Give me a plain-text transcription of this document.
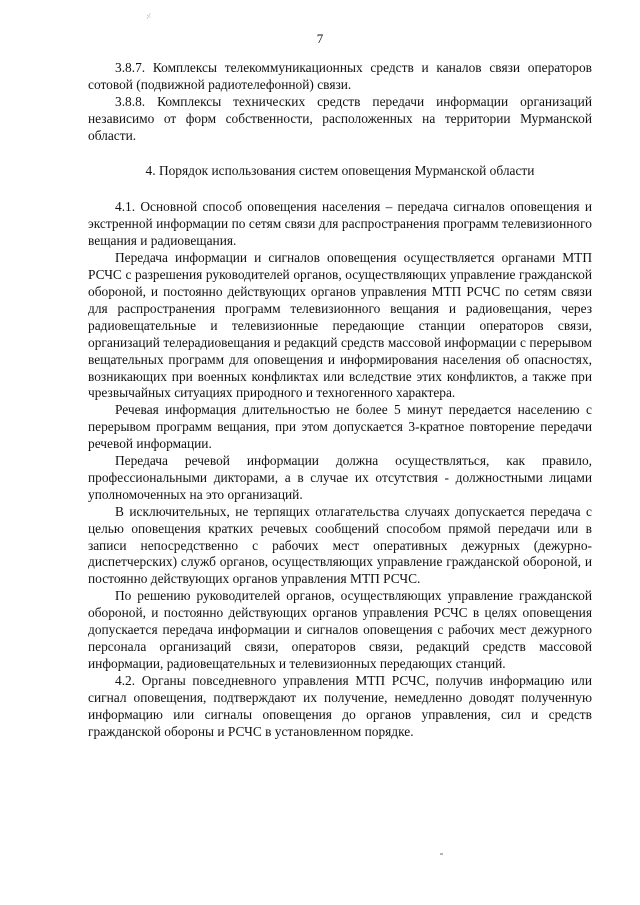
⸓
7

3.8.7. Комплексы телекоммуникационных средств и каналов связи операторов сотовой (подвижной радиотелефонной) связи.

3.8.8. Комплексы технических средств передачи информации организаций независимо от форм собственности, расположенных на территории Мурманской области.

4. Порядок использования систем оповещения Мурманской области

4.1. Основной способ оповещения населения – передача сигналов оповещения и экстренной информации по сетям связи для распространения программ телевизионного вещания и радиовещания.

Передача информации и сигналов оповещения осуществляется органами МТП РСЧС с разрешения руководителей органов, осуществляющих управление гражданской обороной, и постоянно действующих органов управления МТП РСЧС по сетям связи для распространения программ телевизионного вещания и радиовещания, через радиовещательные и телевизионные передающие станции операторов связи, организаций телерадиовещания и редакций средств массовой информации с перерывом вещательных программ для оповещения и информирования населения об опасностях, возникающих при военных конфликтах или вследствие этих конфликтов, а также при чрезвычайных ситуациях природного и техногенного характера.

Речевая информация длительностью не более 5 минут передается населению с перерывом программ вещания, при этом допускается 3-кратное повторение передачи речевой информации.

Передача речевой информации должна осуществляться, как правило, профессиональными дикторами, а в случае их отсутствия - должностными лицами уполномоченных на это организаций.

В исключительных, не терпящих отлагательства случаях допускается передача с целью оповещения кратких речевых сообщений способом прямой передачи или в записи непосредственно с рабочих мест оперативных дежурных (дежурно-диспетчерских) служб органов, осуществляющих управление гражданской обороной, и постоянно действующих органов управления МТП РСЧС.

По решению руководителей органов, осуществляющих управление гражданской обороной, и постоянно действующих органов управления РСЧС в целях оповещения допускается передача информации и сигналов оповещения с рабочих мест дежурного персонала организаций связи, операторов связи, редакций средств массовой информации, радиовещательных и телевизионных передающих станций.

4.2. Органы повседневного управления МТП РСЧС, получив информацию или сигнал оповещения, подтверждают их получение, немедленно доводят полученную информацию или сигналы оповещения до органов управления, сил и средств гражданской обороны и РСЧС в установленном порядке.
